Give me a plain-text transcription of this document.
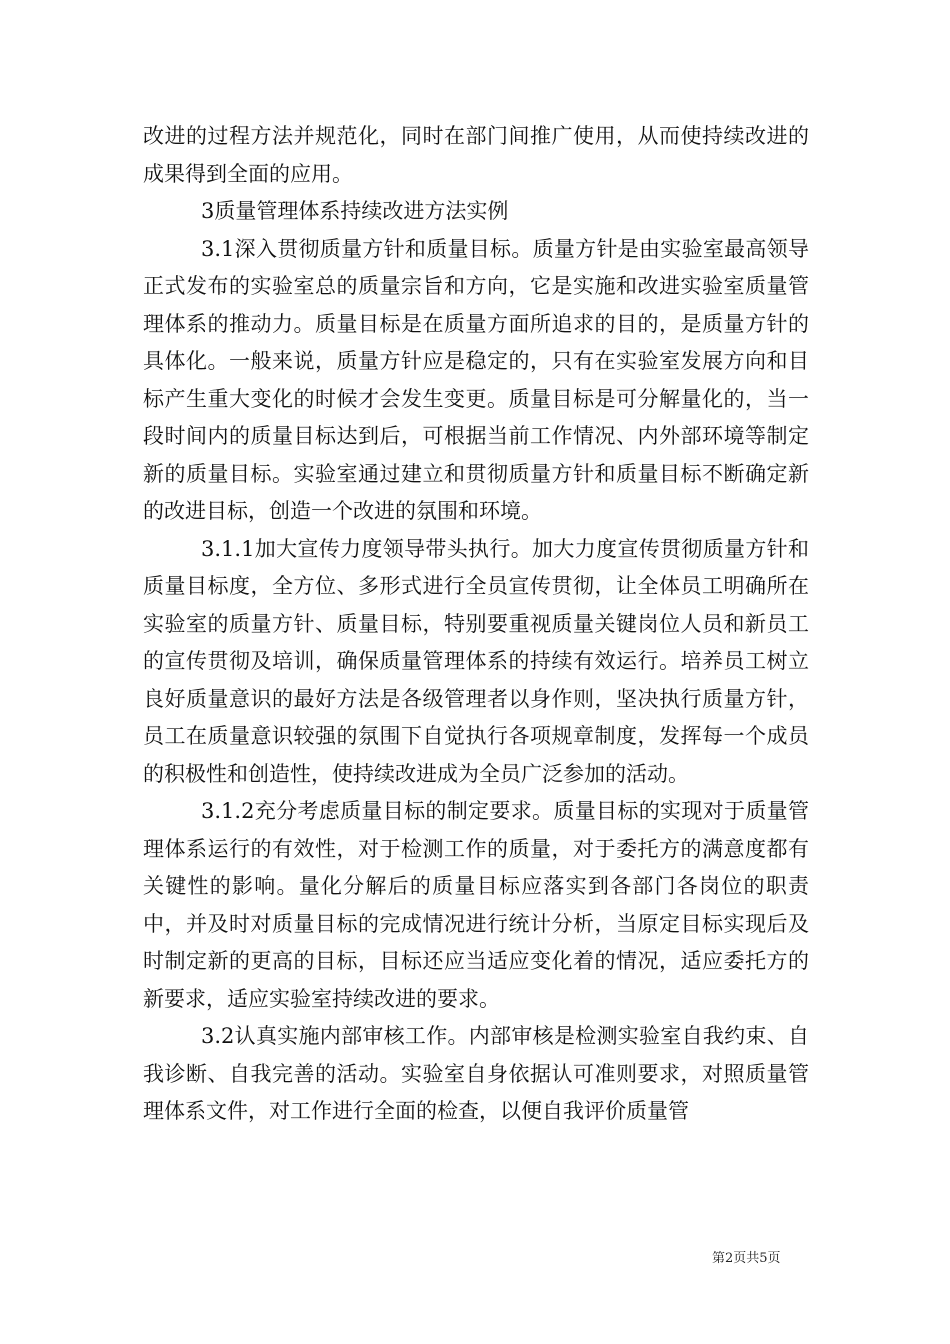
改进的过程方法并规范化，同时在部门间推广使用，从而使持续改进的成果得到全面的应用。

3质量管理体系持续改进方法实例

3.1深入贯彻质量方针和质量目标。质量方针是由实验室最高领导正式发布的实验室总的质量宗旨和方向，它是实施和改进实验室质量管理体系的推动力。质量目标是在质量方面所追求的目的，是质量方针的具体化。一般来说，质量方针应是稳定的，只有在实验室发展方向和目标产生重大变化的时候才会发生变更。质量目标是可分解量化的，当一段时间内的质量目标达到后，可根据当前工作情况、内外部环境等制定新的质量目标。实验室通过建立和贯彻质量方针和质量目标不断确定新的改进目标，创造一个改进的氛围和环境。

3.1.1加大宣传力度领导带头执行。加大力度宣传贯彻质量方针和质量目标度，全方位、多形式进行全员宣传贯彻，让全体员工明确所在实验室的质量方针、质量目标，特别要重视质量关键岗位人员和新员工的宣传贯彻及培训，确保质量管理体系的持续有效运行。培养员工树立良好质量意识的最好方法是各级管理者以身作则，坚决执行质量方针，员工在质量意识较强的氛围下自觉执行各项规章制度，发挥每一个成员的积极性和创造性，使持续改进成为全员广泛参加的活动。

3.1.2充分考虑质量目标的制定要求。质量目标的实现对于质量管理体系运行的有效性，对于检测工作的质量，对于委托方的满意度都有关键性的影响。量化分解后的质量目标应落实到各部门各岗位的职责中，并及时对质量目标的完成情况进行统计分析，当原定目标实现后及时制定新的更高的目标，目标还应当适应变化着的情况，适应委托方的新要求，适应实验室持续改进的要求。

3.2认真实施内部审核工作。内部审核是检测实验室自我约束、自我诊断、自我完善的活动。实验室自身依据认可准则要求，对照质量管理体系文件，对工作进行全面的检查，以便自我评价质量管

第2页共5页
